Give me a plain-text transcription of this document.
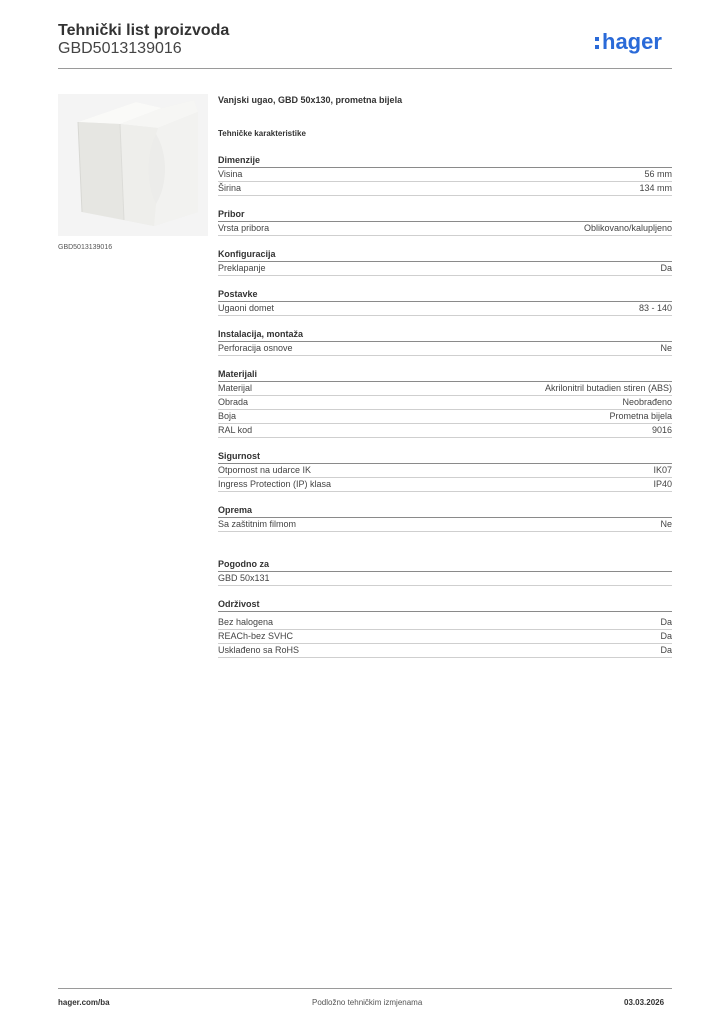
Tehnički list proizvoda
GBD5013139016	hager
GBD5013139016
Vanjski ugao, GBD 50x130, prometna bijela
Tehničke karakteristike
Dimenzije
Visina	56 mm
Širina	134 mm
Pribor
Vrsta pribora	Oblikovano/kalupljeno
Konfiguracija
Preklapanje	Da
Postavke
Ugaoni domet	83 - 140
Instalacija, montaža
Perforacija osnove	Ne
Materijali
Materijal	Akrilonitril butadien stiren (ABS)
Obrada	Neobrađeno
Boja	Prometna bijela
RAL kod	9016
Sigurnost
Otpornost na udarce IK	IK07
Ingress Protection (IP) klasa	IP40
Oprema
Sa zaštitnim filmom	Ne
Pogodno za
GBD 50x131
Održivost
Bez halogena	Da
REACh-bez SVHC	Da
Usklađeno sa RoHS	Da
hager.com/ba	Podložno tehničkim izmjenama	03.03.2026
